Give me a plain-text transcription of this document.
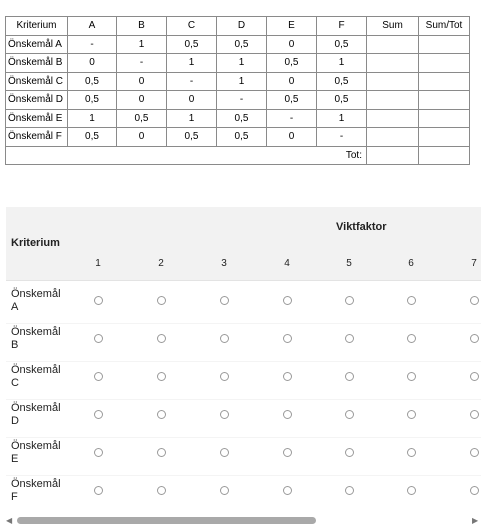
Kriterium	A	B	C	D	E	F	Sum	Sum/Tot
Önskemål A	-	1	0,5	0,5	0	0,5		
Önskemål B	0	-	1	1	0,5	1		
Önskemål C	0,5	0	-	1	0	0,5		
Önskemål D	0,5	0	0	-	0,5	0,5		
Önskemål E	1	0,5	1	0,5	-	1		
Önskemål F	0,5	0	0,5	0,5	0	-		
Tot:								
Kriterium
Viktfaktor
1	2	3	4	5	6	7
Önskemål
A
Önskemål
B
Önskemål
C
Önskemål
D
Önskemål
E
Önskemål
F
◀	▶
